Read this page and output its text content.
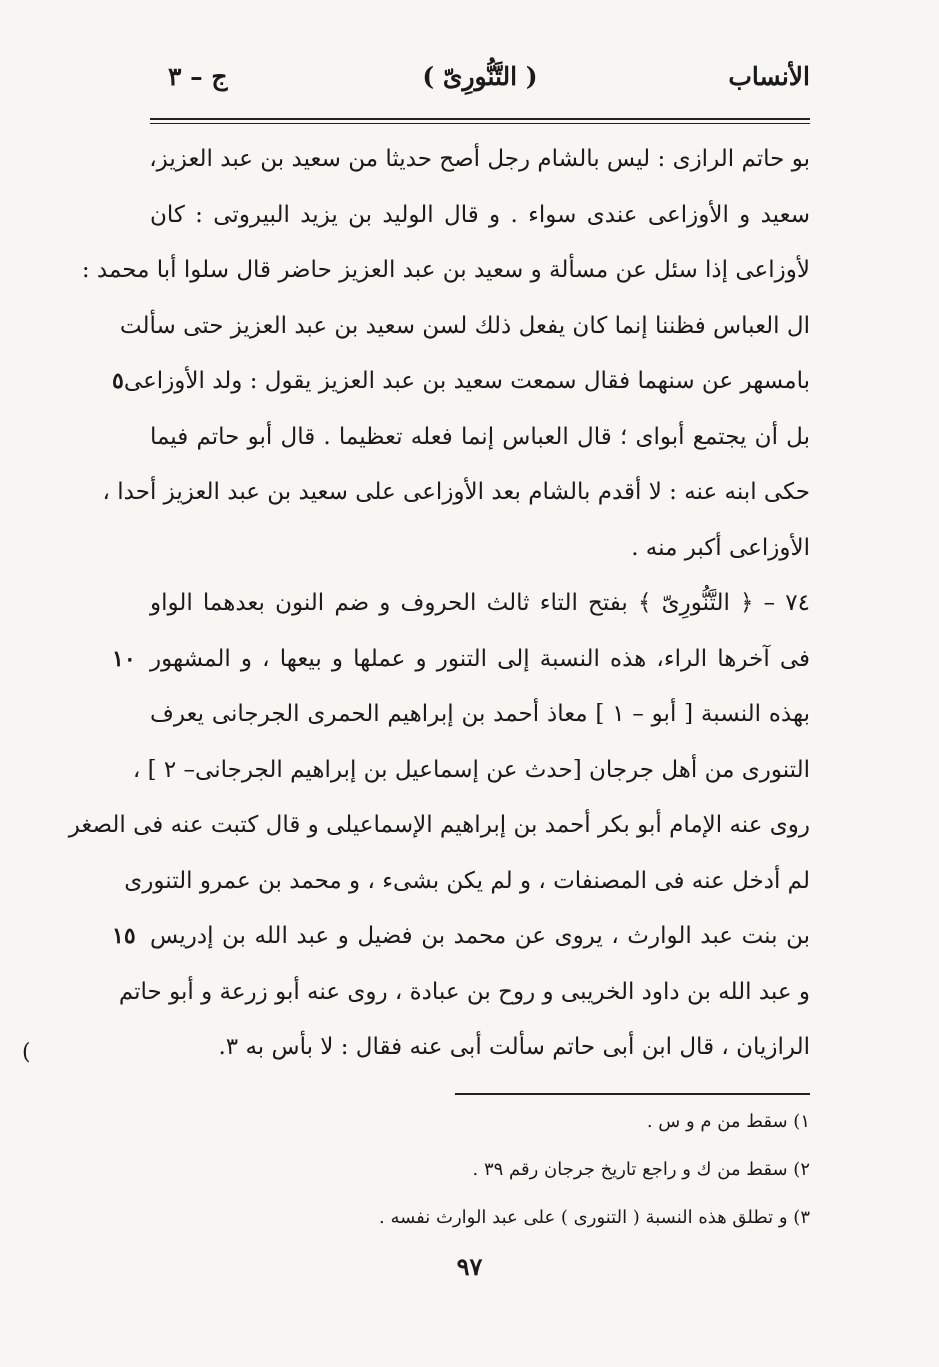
الأنساب
( التَّنُّورِىّ )
ج – ٣
بو حاتم الرازى : ليس بالشام رجل أصح حديثا من سعيد بن عبد العزيز،
سعيد و الأوزاعى عندى سواء . و قال الوليد بن يزيد البيروتى : كان
لأوزاعى إذا سئل عن مسألة و سعيد بن عبد العزيز حاضر قال سلوا أبا محمد :
ال العباس فظننا إنما كان يفعل ذلك لسن سعيد بن عبد العزيز حتى سألت
بامسهر عن سنهما فقال سمعت سعيد بن عبد العزيز يقول : ولد الأوزاعى
بل أن يجتمع أبواى ؛ قال العباس إنما فعله تعظيما . قال أبو حاتم فيما
حكى ابنه عنه : لا أقدم بالشام بعد الأوزاعى على سعيد بن عبد العزيز أحدا ،
الأوزاعى أكبر منه .
٧٤ – ﴿ التَّنُّورِىّ ﴾ بفتح التاء ثالث الحروف و ضم النون بعدهما الواو
فى آخرها الراء، هذه النسبة إلى التنور و عملها و بيعها ، و المشهور
بهذه النسبة [ أبو – ١ ] معاذ أحمد بن إبراهيم الحمرى الجرجانى يعرف
التنورى من أهل جرجان [حدث عن إسماعيل بن إبراهيم الجرجانى– ٢ ] ،
روى عنه الإمام أبو بكر أحمد بن إبراهيم الإسماعيلى و قال كتبت عنه فى الصغر
لم أدخل عنه فى المصنفات ، و لم يكن بشىء ، و محمد بن عمرو التنورى
بن بنت عبد الوارث ، يروى عن محمد بن فضيل و عبد الله بن إدريس
و عبد الله بن داود الخريبى و روح بن عبادة ، روى عنه أبو زرعة و أبو حاتم
الرازيان ، قال ابن أبى حاتم سألت أبى عنه فقال : لا بأس به ٣.
٥
١٠
١٥
١) سقط من م و س .
٢) سقط من ك و راجع تاريخ جرجان رقم ٣٩ .
٣) و تطلق هذه النسبة ( التنورى ) على عبد الوارث نفسه .
٩٧
(
